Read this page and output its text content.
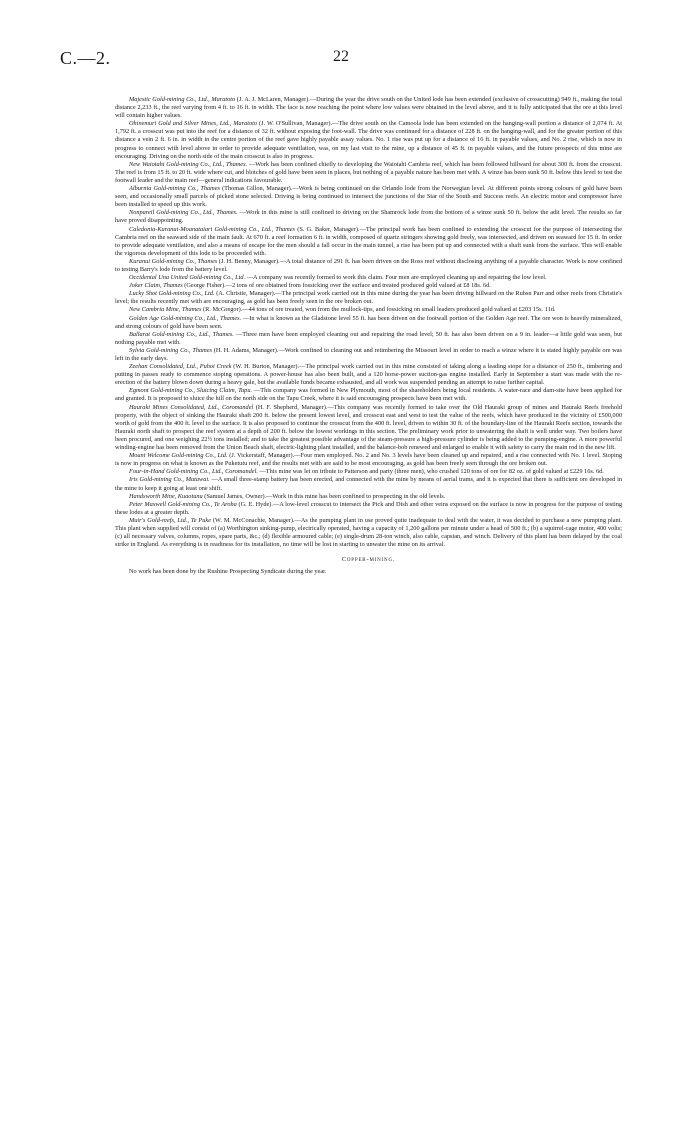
C.—2.	22

Majestic Gold-mining Co., Ltd., Maratoto (J. A. J. McLaren, Manager).—During the year the drive south on the United lode has been extended (exclusive of crosscutting) 949 ft., making the total distance 2,233 ft., the reef varying from 4 ft. to 16 ft. in width. The face is now reaching the point where low values were obtained in the level above, and it is fully anticipated that the ore at this level will contain higher values.

Ohinemuri Gold and Silver Mines, Ltd., Maratoto (J. W. O'Sullivan, Manager).—The drive south on the Camoola lode has been extended on the hanging-wall portion a distance of 2,074 ft. At 1,792 ft. a crosscut was put into the reef for a distance of 32 ft. without exposing the foot-wall. The drive was continued for a distance of 228 ft. on the hanging-wall, and for the greater portion of this distance a vein 2 ft. 6 in. in width in the centre portion of the reef gave highly payable assay values. No. 1 rise was put up for a distance of 16 ft. in payable values, and No. 2 rise, which is now in progress to connect with level above in order to provide adequate ventilation, was, on my last visit to the mine, up a distance of 45 ft. in payable values, and the future prospects of this mine are encouraging. Driving on the north side of the main crosscut is also in progress.

New Waiotahi Gold-mining Co., Ltd., Thames. —Work has been confined chiefly to developing the Waiotahi Cambria reef, which has been followed hillward for about 300 ft. from the crosscut. The reef is from 15 ft. to 20 ft. wide where cut, and blotches of gold have been seen in places, but nothing of a payable nature has been met with. A winze has been sunk 50 ft. below this level to test the footwall leader and the main reef—general indications favourable.

Alburnia Gold-mining Co., Thames (Thomas Gillon, Manager).—Work is being continued on the Orlando lode from the Norwegian level. At different points strong colours of gold have been seen, and occasionally small parcels of picked stone selected. Driving is being continued to intersect the junctions of the Star of the South and Success reefs. An electric motor and compressor have been installed to speed up this work.

Nonpareil Gold-mining Co., Ltd., Thames. —Work in this mine is still confined to driving on the Shamrock lode from the bottom of a winze sunk 50 ft. below the adit level. The results so far have proved disappointing.

Caledonia-Kuranui-Moanataiari Gold-mining Co., Ltd., Thames (S. G. Baker, Manager).—The principal work has been confined to extending the crosscut for the purpose of intersecting the Cambria reef on the seaward side of the main fault. At 670 ft. a reef formation 6 ft. in width, composed of quartz stringers showing gold freely, was intersected, and driven on seaward for 15 ft. In order to provide adequate ventilation, and also a means of escape for the men should a fall occur in the main tunnel, a rise has been put up and connected with a shaft sunk from the surface. This will enable the vigorous development of this lode to be proceeded with.

Kuranui Gold-mining Co., Thames (J. H. Benny, Manager).—A total distance of 291 ft. has been driven on the Ross reef without disclosing anything of a payable character. Work is now confined to testing Barry's lode from the battery level.

Occidental Una United Gold-mining Co., Ltd. —A company was recently formed to work this claim. Four men are employed cleaning up and repairing the low level.

Joker Claim, Thames (George Fisher).—2 tons of ore obtained from fossicking over the surface and treated produced gold valued at £8 18s. 6d.

Lucky Shot Gold-mining Co., Ltd. (A. Christie, Manager).—The principal work carried out in this mine during the year has been driving hillward on the Rubsn Parr and other reefs from Christie's level; the results recently met with are encouraging, as gold has been freely seen in the ore broken out.

New Cambria Mine, Thames (R. McGregor).—44 tons of ore treated, won from the mullock-tips, and fossicking on small leaders produced gold valued at £203 15s. 11d.

Golden Age Gold-mining Co., Ltd., Thames. —In what is known as the Gladstone level 55 ft. has been driven on the footwall portion of the Golden Age reef. The ore won is heavily mineralized, and strong colours of gold have been seen.

Ballarat Gold-mining Co., Ltd., Thames. —Three men have been employed cleaning out and repairing the road level; 50 ft. has also been driven on a 9 in. leader—a little gold was seen, but nothing payable met with.

Sylvia Gold-mining Co., Thames (H. H. Adams, Manager).—Work confined to cleaning out and retimbering the Missouri level in order to reach a winze where it is stated highly payable ore was left in the early days.

Zeehan Consolidated, Ltd., Puhoi Creek (W. H. Burton, Manager).—The principal work carried out in this mine consisted of taking along a leading stope for a distance of 250 ft., timbering and putting in passes ready to commence stoping operations. A power-house has also been built, and a 120 horse-power suction-gas engine installed. Early in September a start was made with the re-erection of the battery blown down during a heavy gale, but the available funds became exhausted, and all work was suspended pending an attempt to raise further capital.

Egmont Gold-mining Co., Sluicing Claim, Tapu. —This company was formed in New Plymouth, most of the shareholders being local residents. A water-race and dam-site have been applied for and granted. It is proposed to sluice the hill on the north side on the Tapu Creek, where it is said encouraging prospects have been met with.

Hauraki Mines Consolidated, Ltd., Coromandel (H. F. Shepherd, Manager).—This company was recently formed to take over the Old Hauraki group of mines and Hauraki Reefs freehold property, with the object of sinking the Hauraki shaft 200 ft. below the present lowest level, and crosscut east and west to test the value of the reefs, which have produced in the vicinity of £500,000 worth of gold from the 400 ft. level to the surface. It is also proposed to continue the crosscut from the 400 ft. level, driven to within 30 ft. of the boundary-line of the Hauraki Reefs section, towards the Hauraki north shaft to prospect the reef system at a depth of 200 ft. below the lowest workings in this section. The preliminary work prior to unwatering the shaft is well under way. Two boilers have been procured, and one weighing 22½ tons installed; and to take the greatest possible advantage of the steam-pressure a high-pressure cylinder is being added to the pumping-engine. A more powerful winding-engine has been removed from the Union Beach shaft, electric-lighting plant installed, and the balance-bob renewed and enlarged to enable it with safety to carry the main rod in the new lift.

Mount Welcome Gold-mining Co., Ltd. (J. Vickerstaff, Manager).—Four men employed. No. 2 and No. 3 levels have been cleaned up and repaired, and a rise connected with No. 1 level. Stoping is now in progress on what is known as the Puketutu reef, and the results met with are said to be most encouraging, as gold has been freely seen through the ore broken out.

Four-in-Hand Gold-mining Co., Ltd., Coromandel. —This mine was let on tribute to Patterson and party (three men), who crushed 120 tons of ore for 82 oz. of gold valued at £229 16s. 6d.

Iris Gold-mining Co., Matawai. —A small three-stamp battery has been erected, and connected with the mine by means of aerial trams, and it is expected that there is sufficient ore developed in the mine to keep it going at least one shift.

Handsworth Mine, Kuaotunu (Samuel James, Owner).—Work in this mine has been confined to prospecting in the old levels.

Peter Maxwell Gold-mining Co., Te Aroha (G. E. Hyde).—A low-level crosscut to intersect the Pick and Dish and other veins exposed on the surface is now in progress for the purpose of testing these lodes at a greater depth.

Muir's Gold-reefs, Ltd., Te Puke (W. M. McConachie, Manager).—As the pumping plant in use proved quite inadequate to deal with the water, it was decided to purchase a new pumping plant. This plant when supplied will consist of (a) Worthington sinking-pump, electrically operated, having a capacity of 1,200 gallons per minute under a head of 500 ft.; (b) a squirrel-cage motor, 400 volts; (c) all necessary valves, columns, ropes, spare parts, &c.; (d) flexible armoured cable; (e) single-drum 28-ton winch, also cable, capstan, and winch. Delivery of this plant has been delayed by the coal strike in England. As everything is in readiness for its installation, no time will be lost in starting to unwater the mine on its arrival.

Copper-mining.

No work has been done by the Rushine Prospecting Syndicate during the year.
